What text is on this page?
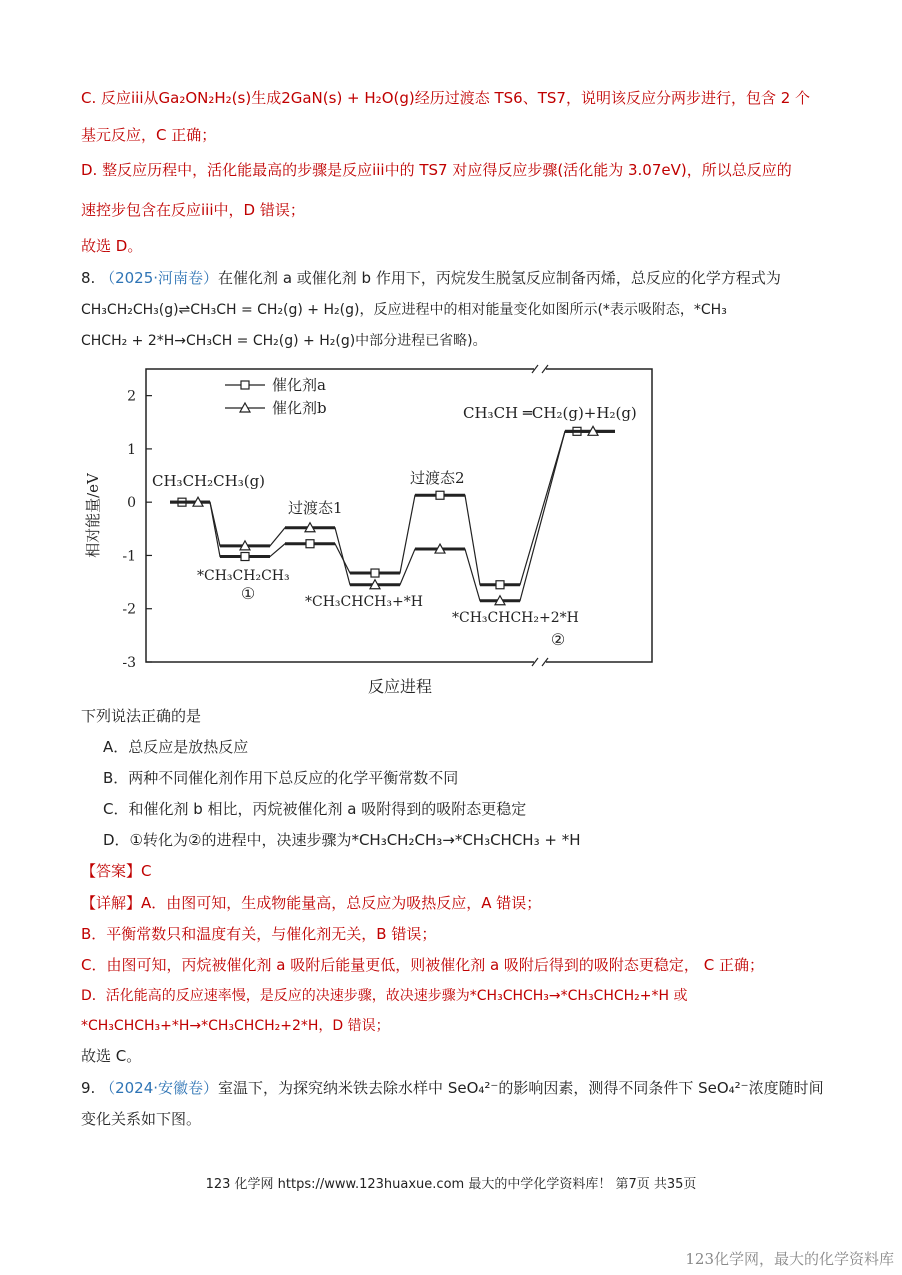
C. 反应iii从Ga₂ON₂H₂(s)生成2GaN(s) + H₂O(g)经历过渡态 TS6、TS7，说明该反应分两步进行，包含 2 个
基元反应，C 正确；
D. 整反应历程中，活化能最高的步骤是反应iii中的 TS7 对应得反应步骤(活化能为 3.07eV)，所以总反应的
速控步包含在反应iii中，D 错误；
故选 D。
8. （2025·河南卷）在催化剂 a 或催化剂 b 作用下，丙烷发生脱氢反应制备丙烯，总反应的化学方程式为
CH₃CH₂CH₃(g)⇌CH₃CH = CH₂(g) + H₂(g)，反应进程中的相对能量变化如图所示(*表示吸附态，*CH₃
CHCH₂ + 2*H→CH₃CH = CH₂(g) + H₂(g)中部分进程已省略)。
2
1
0
-1
-2
-3
相对能量/eV
反应进程
催化剂a
催化剂b
CH₃CH₂CH₃(g)
过渡态1
过渡态2
*CH₃CH₂CH₃
*CH₃CHCH₃+*H
*CH₃CHCH₂+2*H
CH₃CH ═CH₂(g)+H₂(g)
①
②
下列说法正确的是
A．总反应是放热反应
B．两种不同催化剂作用下总反应的化学平衡常数不同
C．和催化剂 b 相比，丙烷被催化剂 a 吸附得到的吸附态更稳定
D．①转化为②的进程中，决速步骤为*CH₃CH₂CH₃→*CH₃CHCH₃ + *H
【答案】C
【详解】A．由图可知，生成物能量高，总反应为吸热反应，A 错误；
B．平衡常数只和温度有关，与催化剂无关，B 错误；
C．由图可知，丙烷被催化剂 a 吸附后能量更低，则被催化剂 a 吸附后得到的吸附态更稳定， C 正确；
D．活化能高的反应速率慢，是反应的决速步骤，故决速步骤为*CH₃CHCH₃→*CH₃CHCH₂+*H 或
*CH₃CHCH₃+*H→*CH₃CHCH₂+2*H，D 错误；
故选 C。
9. （2024·安徽卷）室温下，为探究纳米铁去除水样中 SeO₄²⁻的影响因素，测得不同条件下 SeO₄²⁻浓度随时间
变化关系如下图。
123 化学网 https://www.123huaxue.com 最大的中学化学资料库！ 第7页 共35页
123化学网，最大的化学资料库
